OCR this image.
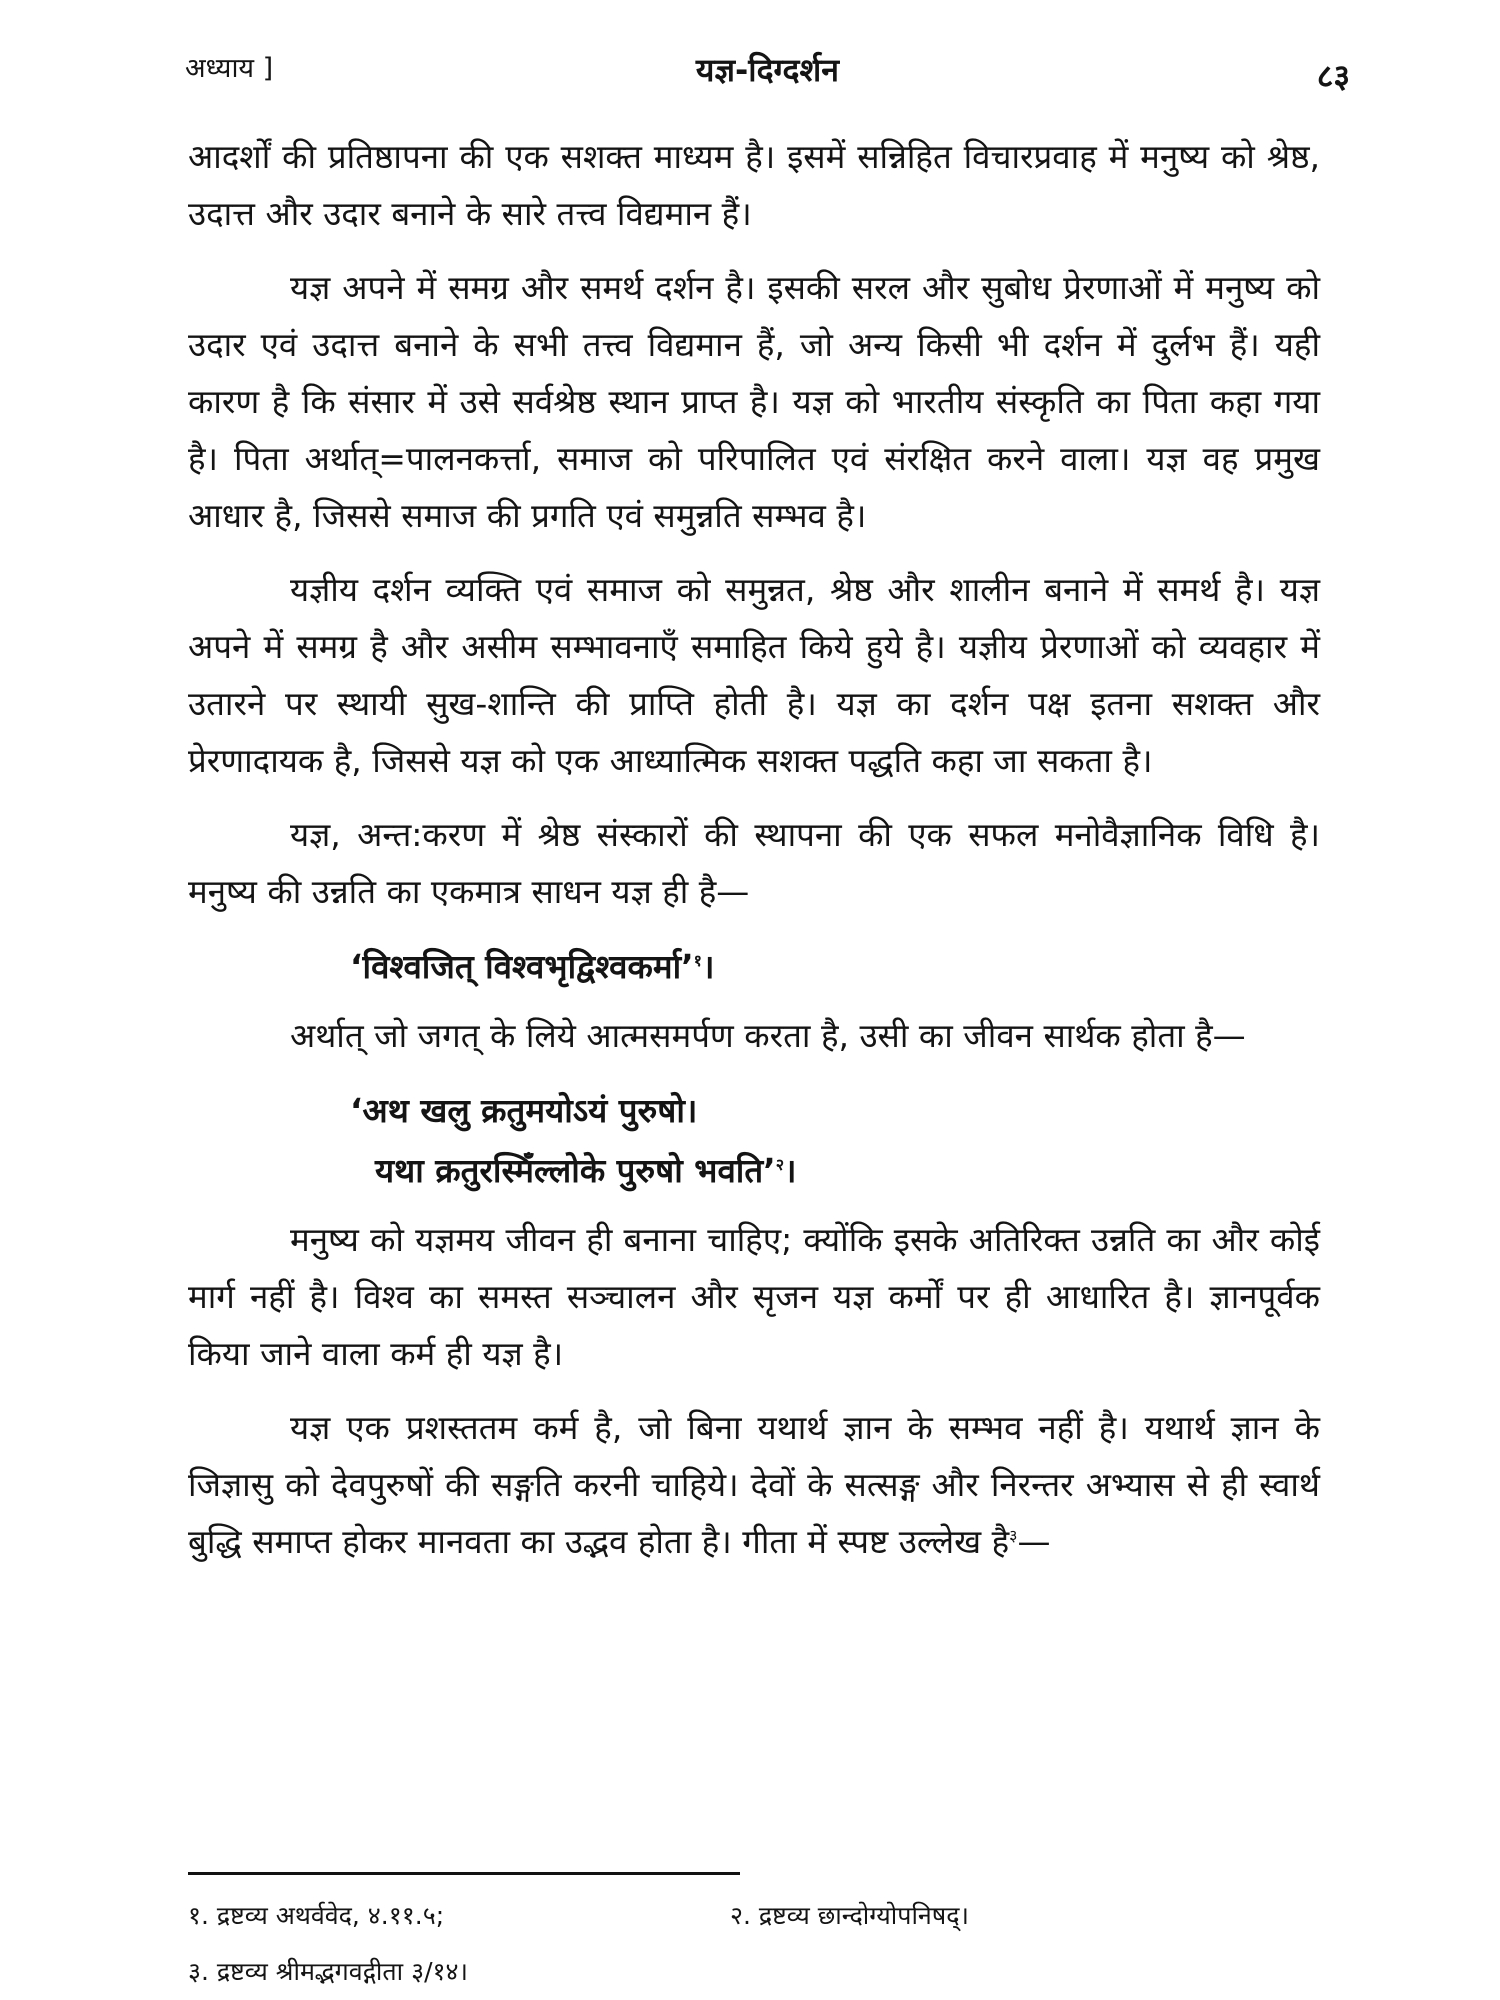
अध्याय ]	यज्ञ-दिग्दर्शन	८३

आदर्शों की प्रतिष्ठापना की एक सशक्त माध्यम है। इसमें सन्निहित विचारप्रवाह में मनुष्य को श्रेष्ठ, उदात्त और उदार बनाने के सारे तत्त्व विद्यमान हैं।

यज्ञ अपने में समग्र और समर्थ दर्शन है। इसकी सरल और सुबोध प्रेरणाओं में मनुष्य को उदार एवं उदात्त बनाने के सभी तत्त्व विद्यमान हैं, जो अन्य किसी भी दर्शन में दुर्लभ हैं। यही कारण है कि संसार में उसे सर्वश्रेष्ठ स्थान प्राप्त है। यज्ञ को भारतीय संस्कृति का पिता कहा गया है। पिता अर्थात्=पालनकर्त्ता, समाज को परिपालित एवं संरक्षित करने वाला। यज्ञ वह प्रमुख आधार है, जिससे समाज की प्रगति एवं समुन्नति सम्भव है।

यज्ञीय दर्शन व्यक्ति एवं समाज को समुन्नत, श्रेष्ठ और शालीन बनाने में समर्थ है। यज्ञ अपने में समग्र है और असीम सम्भावनाएँ समाहित किये हुये है। यज्ञीय प्रेरणाओं को व्यवहार में उतारने पर स्थायी सुख-शान्ति की प्राप्ति होती है। यज्ञ का दर्शन पक्ष इतना सशक्त और प्रेरणादायक है, जिससे यज्ञ को एक आध्यात्मिक सशक्त पद्धति कहा जा सकता है।

यज्ञ, अन्त:करण में श्रेष्ठ संस्कारों की स्थापना की एक सफल मनोवैज्ञानिक विधि है। मनुष्य की उन्नति का एकमात्र साधन यज्ञ ही है—

‘विश्वजित् विश्वभृद्विश्वकर्मा’$^१$।

अर्थात् जो जगत् के लिये आत्मसमर्पण करता है, उसी का जीवन सार्थक होता है—

‘अथ खलु क्रतुमयोऽयं पुरुषो।
यथा क्रतुरस्मिँल्लोके पुरुषो भवति’$^२$।

मनुष्य को यज्ञमय जीवन ही बनाना चाहिए; क्योंकि इसके अतिरिक्त उन्नति का और कोई मार्ग नहीं है। विश्व का समस्त सञ्चालन और सृजन यज्ञ कर्मों पर ही आधारित है। ज्ञानपूर्वक किया जाने वाला कर्म ही यज्ञ है।

यज्ञ एक प्रशस्ततम कर्म है, जो बिना यथार्थ ज्ञान के सम्भव नहीं है। यथार्थ ज्ञान के जिज्ञासु को देवपुरुषों की सङ्गति करनी चाहिये। देवों के सत्सङ्ग और निरन्तर अभ्यास से ही स्वार्थ बुद्धि समाप्त होकर मानवता का उद्भव होता है। गीता में स्पष्ट उल्लेख है$^३$—

१. द्रष्टव्य अथर्ववेद, ४.११.५;	२. द्रष्टव्य छान्दोग्योपनिषद्।
३. द्रष्टव्य श्रीमद्भगवद्गीता ३/१४।
